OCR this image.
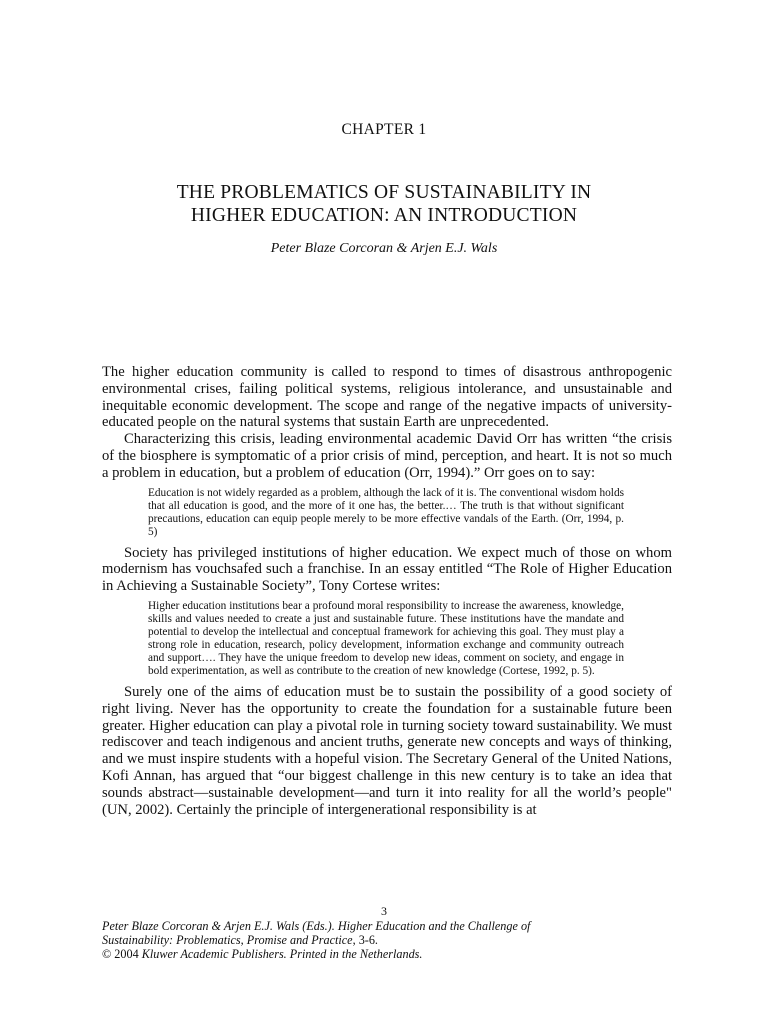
CHAPTER 1
THE PROBLEMATICS OF SUSTAINABILITY IN
HIGHER EDUCATION: AN INTRODUCTION
Peter Blaze Corcoran & Arjen E.J. Wals

The higher education community is called to respond to times of disastrous anthropogenic environmental crises, failing political systems, religious intolerance, and unsustainable and inequitable economic development. The scope and range of the negative impacts of university-educated people on the natural systems that sustain Earth are unprecedented.

Characterizing this crisis, leading environmental academic David Orr has written “the crisis of the biosphere is symptomatic of a prior crisis of mind, perception, and heart. It is not so much a problem in education, but a problem of education (Orr, 1994).” Orr goes on to say:

Education is not widely regarded as a problem, although the lack of it is. The conventional wisdom holds that all education is good, and the more of it one has, the better.… The truth is that without significant precautions, education can equip people merely to be more effective vandals of the Earth. (Orr, 1994, p. 5)

Society has privileged institutions of higher education. We expect much of those on whom modernism has vouchsafed such a franchise. In an essay entitled “The Role of Higher Education in Achieving a Sustainable Society”, Tony Cortese writes:

Higher education institutions bear a profound moral responsibility to increase the awareness, knowledge, skills and values needed to create a just and sustainable future. These institutions have the mandate and potential to develop the intellectual and conceptual framework for achieving this goal. They must play a strong role in education, research, policy development, information exchange and community outreach and support…. They have the unique freedom to develop new ideas, comment on society, and engage in bold experimentation, as well as contribute to the creation of new knowledge (Cortese, 1992, p. 5).

Surely one of the aims of education must be to sustain the possibility of a good society of right living. Never has the opportunity to create the foundation for a sustainable future been greater. Higher education can play a pivotal role in turning society toward sustainability. We must rediscover and teach indigenous and ancient truths, generate new concepts and ways of thinking, and we must inspire students with a hopeful vision. The Secretary General of the United Nations, Kofi Annan, has argued that “our biggest challenge in this new century is to take an idea that sounds abstract—sustainable development—and turn it into reality for all the world’s people" (UN, 2002). Certainly the principle of intergenerational responsibility is at

3
Peter Blaze Corcoran & Arjen E.J. Wals (Eds.). Higher Education and the Challenge of
Sustainability: Problematics, Promise and Practice, 3-6.
© 2004 Kluwer Academic Publishers. Printed in the Netherlands.
